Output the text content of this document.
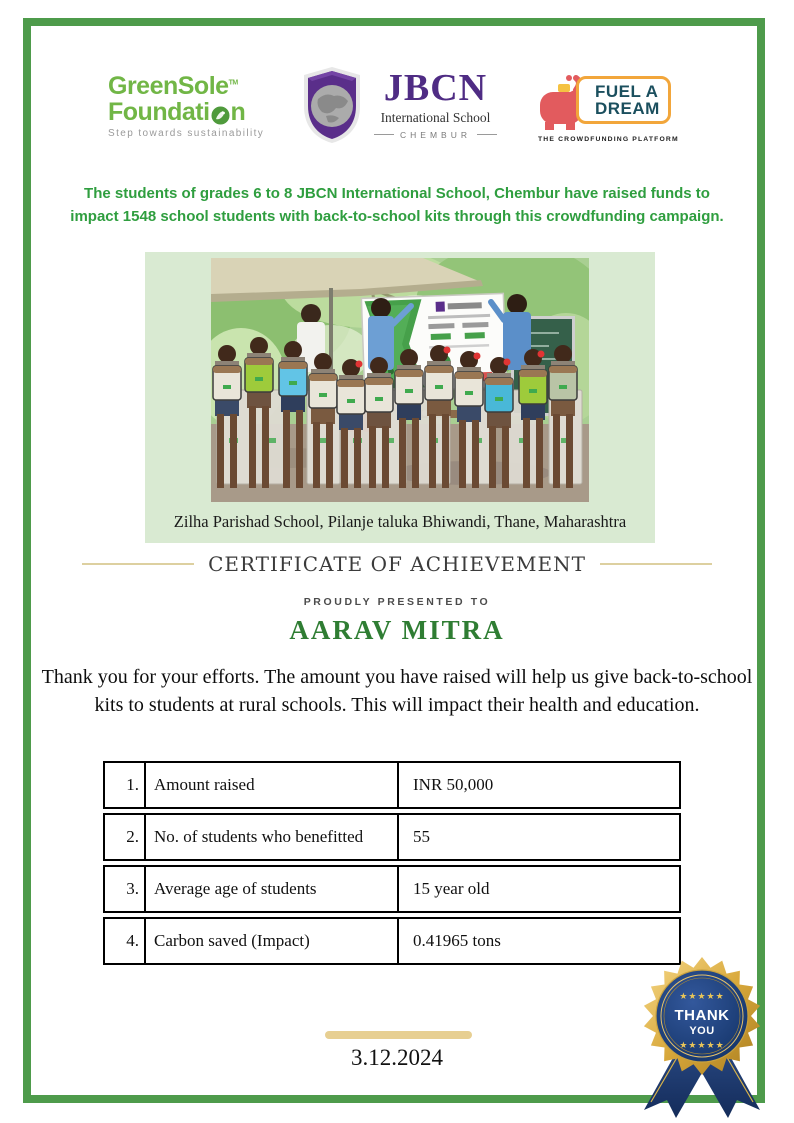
GreenSole™
Foundati n
Step towards sustainability
JBCN
International School
CHEMBUR
FUEL A
DREAM
THE CROWDFUNDING PLATFORM

The students of grades 6 to 8 JBCN International School, Chembur have raised funds to impact 1548 school students with back-to-school kits through this crowdfunding campaign.

Zilha Parishad School, Pilanje taluka Bhiwandi, Thane, Maharashtra
CERTIFICATE OF ACHIEVEMENT
PROUDLY PRESENTED TO
AARAV MITRA

Thank you for your efforts. The amount you have raised will help us give back-to-school kits to students at rural schools. This will impact their health and education.

1. Amount raised	INR 50,000
2. No. of students who benefitted	55
3. Average age of students	15 year old
4. Carbon saved (Impact)	0.41965 tons
★★★★★
THANK
YOU
★★★★★
3.12.2024
